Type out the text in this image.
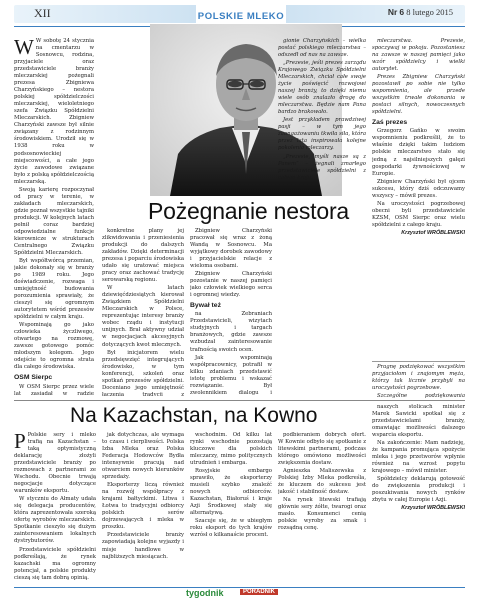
XII	POLSKIE MLEKO	Nr 6 8 lutego 2015

W W sobotę 24 stycznia na cmentarzu w Sosnowcu, rodzina, przyjaciele oraz przedstawiciele branży mleczarskiej pożegnali prezesa Zbigniewa Charzyńskiego – nestora polskiej spółdzielczości mleczarskiej, wieloletniego szefa Związku Spółdzielni Mleczarskich. Zbigniew Charzyński zawsze był silnie związany z rodzinnym środowiskiem. Urodził się w 1938 roku w podsosnowieckiej miejscowości, a całe jego życie zawodowe związane było z polską spółdzielczością mleczarską.

Swoją karierę rozpoczynał od pracy w terenie, w zakładach mleczarskich, gdzie poznał wszystkie tajniki produkcji. W kolejnych latach pełnił coraz bardziej odpowiedzialne funkcje kierownicze w strukturach Centralnego Związku Spółdzielni Mleczarskich.

Był współtwórcą przemian, jakie dokonały się w branży po 1989 roku. Jego doświadczenie, rozwaga i umiejętność budowania porozumienia sprawiały, że cieszył się ogromnym autorytetem wśród prezesów spółdzielni w całym kraju.

Wspominają go jako człowieka życzliwego, otwartego na rozmowę, zawsze gotowego pomóc młodszym kolegom. Jego odejście to ogromna strata dla całego środowiska.

OSM Sierpc

W OSM Sierpc przez wiele lat zasiadał w radzie

Pożegnanie nestora

konkretne plany jej zlikwidowania i przeniesienia produkcji do dalszych zakładów. Dzięki determinacji prezesa i poparciu środowiska udało się uratować miejsca pracy oraz zachować tradycję serowarską regionu.

W latach dziewięćdziesiątych kierował Związkiem Spółdzielni Mleczarskich w Polsce, reprezentując interesy branży wobec rządu i instytucji unijnych. Brał aktywny udział w negocjacjach akcesyjnych dotyczących kwot mlecznych.

Był inicjatorem wielu przedsięwzięć integrujących środowisko, w tym konferencji, szkoleń oraz spotkań prezesów spółdzielni. Doceniano jego umiejętność łączenia tradycji z

Zbigniew Charzyński pracował się wraz z żoną Wandą w Sosnowcu. Ma wyjątkowy dorobek zawodowy i przyjacielskie relacje z wieloma osobami.

Zbigniew Charzyński pozostanie w naszej pamięci jako człowiek wielkiego serca i ogromnej wiedzy.

Bywał też

na Zebraniach Przedstawicieli, wizytach studyjnych i targach branżowych, gdzie zawsze wzbudzał zainteresowanie trafnością swoich ocen.

Jak wspominają współpracownicy, potrafił w kilku zdaniach przedstawić istotę problemu i wskazać rozwiązanie. Był zwolennikiem dialogu i

gionie Charzyńskich – wielka postać polskiego mleczarstwa – odszedł od nas na zawsze.

„Prezesie, jeśli prezes zarządu Krajowego Związku Spółdzielni Mleczarskich, chciał całe swoje życie poświęcić rozwojowi naszej branży, to dzięki niemu wiele osób znalazło drogę do mleczarstwa. Będzie nam Pana bardzo brakowało.

Jest przykładem prawdziwej pasji – w tym jego zaangażowaniu tkwiła siła, która przez lata inspirowała kolejne pokolenia mleczarzy.

„Prezesie, myśli nasze są z Panem” – żegnali zmarłego przedstawiciele spółdzielni z całego kraju.

mleczarstwa. Prezesie, spoczywaj w pokoju. Pozostaniesz na zawsze w naszej pamięci jako wzór spółdzielcy i wielki autorytet.

Prezes Zbigniew Charzyński pozostawił po sobie nie tylko wspomnienia, ale przede wszystkim trwałe dokonania w postaci silnych, nowoczesnych spółdzielni.

Zaś prezes

Grzegorz Gańko w swoim wspomnieniu podkreślił, że to właśnie dzięki takim ludziom polskie mleczarstwo stało się jedną z najsilniejszych gałęzi gospodarki żywnościowej w Europie.

Zbigniew Charzyński był ojcem sukcesu, który dziś odczuwamy wszyscy – mówił prezes.

Na uroczystości pogrzebowej obecni byli przedstawiciele KZSM, OSM Sierpc oraz wielu spółdzielni z całego kraju.

Krzysztof WRÓBLEWSKI

Pragnę podziękować wszystkim przyjaciołom i znajomym męża, którzy tak licznie przybyli na uroczystości pogrzebowe.

Szczególne podziękowania

Na Kazachstan, na Kowno

P Polskie sery i mleko trafią na Kazachstan – taką optymistyczną deklarację złożyli przedstawiciele branży po rozmowach z partnerami ze Wschodu. Obecnie trwają negocjacje dotyczące warunków eksportu.

W styczniu do Ałmaty udała się delegacja producentów, która zaprezentowała szeroką ofertę wyrobów mleczarskich. Spotkanie cieszyło się dużym zainteresowaniem lokalnych dystrybutorów.

Przedstawiciele spółdzielni podkreślają, że rynek kazachski ma ogromny potencjał, a polskie produkty cieszą się tam dobrą opinią.

jak dotychczas, ale wymaga to czasu i cierpliwości. Polska Izba Mleka oraz Polska Federacja Hodowców Bydła intensywnie pracują nad otwarciem nowych kierunków sprzedaży.

Eksporterzy liczą również na rozwój współpracy z krajami bałtyckimi. Litwa i Łotwa to tradycyjni odbiorcy polskich serów dojrzewających i mleka w proszku.

Przedstawiciele branży zapowiadają kolejne wyjazdy i misje handlowe w najbliższych miesiącach.

wschodnim. Od kilku lat rynki wschodnie pozostają kluczowe dla polskich mleczarzy, mimo politycznych utrudnień i embarga.

Rosyjskie embargo sprawiło, że eksporterzy musieli szybko znaleźć nowych odbiorców. Kazachstan, Białoruś i kraje Azji Środkowej stały się alternatywą.

Szacuje się, że w ubiegłym roku eksport do tych krajów wzrósł o kilkanaście procent.

podbieraniem dobrych ofert. W Kownie odbyło się spotkanie z litewskimi partnerami, podczas którego omówiono możliwości zwiększenia dostaw.

Agnieszka Maliszewska z Polskiej Izby Mleka podkreśla, że kluczem do sukcesu jest jakość i stabilność dostaw.

Na rynek litewski trafiają głównie sery żółte, twarogi oraz masło. Konsumenci cenią polskie wyroby za smak i rozsądną cenę.

naszych stolicach minister Marek Sawicki spotkał się z przedstawicielami branży, omawiając możliwości dalszego wsparcia eksportu.

Na zakończenie: Mam nadzieję, że kampania promująca spożycie mleka i jego przetworów wpłynie również na wzrost popytu krajowego – mówił minister.

Spółdzielcy deklarują gotowość do zwiększenia produkcji i poszukiwania nowych rynków zbytu w całej Europie i Azji.

Krzysztof WRÓBLEWSKI
tygodnik	PORADNIK
